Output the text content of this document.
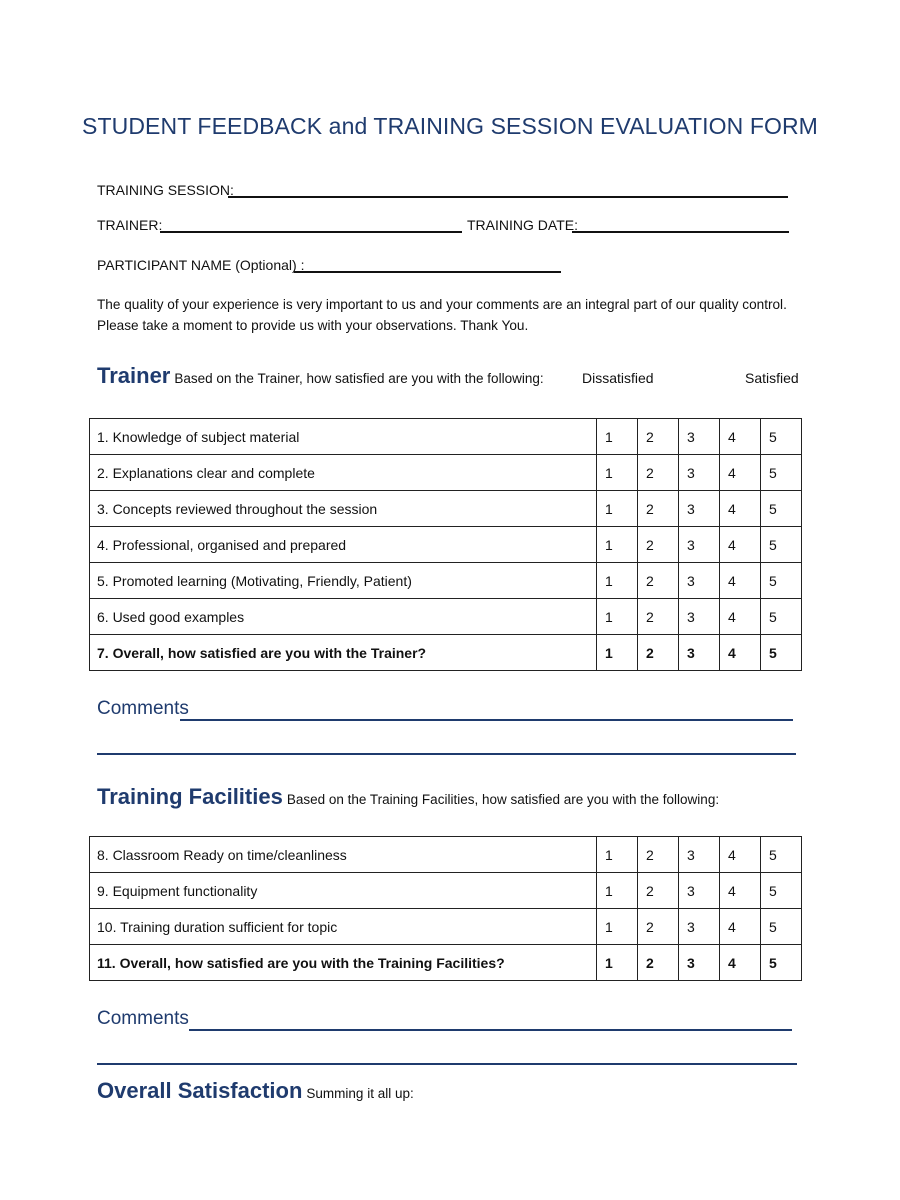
STUDENT FEEDBACK and TRAINING SESSION EVALUATION FORM
TRAINING SESSION:
TRAINER:	TRAINING DATE:
PARTICIPANT NAME (Optional) :
The quality of your experience is very important to us and your comments are an integral part of our quality control. Please take a moment to provide us with your observations. Thank You.
Trainer Based on the Trainer, how satisfied are you with the following:	Dissatisfied	Satisfied
1. Knowledge of subject material	1	2	3	4	5
2. Explanations clear and complete	1	2	3	4	5
3. Concepts reviewed throughout the session	1	2	3	4	5
4. Professional, organised and prepared	1	2	3	4	5
5. Promoted learning (Motivating, Friendly, Patient)	1	2	3	4	5
6. Used good examples	1	2	3	4	5
7. Overall, how satisfied are you with the Trainer?	1	2	3	4	5
Comments
Training Facilities Based on the Training Facilities, how satisfied are you with the following:
8. Classroom Ready on time/cleanliness	1	2	3	4	5
9. Equipment functionality	1	2	3	4	5
10. Training duration sufficient for topic	1	2	3	4	5
11. Overall, how satisfied are you with the Training Facilities?	1	2	3	4	5
Comments
Overall Satisfaction Summing it all up:
